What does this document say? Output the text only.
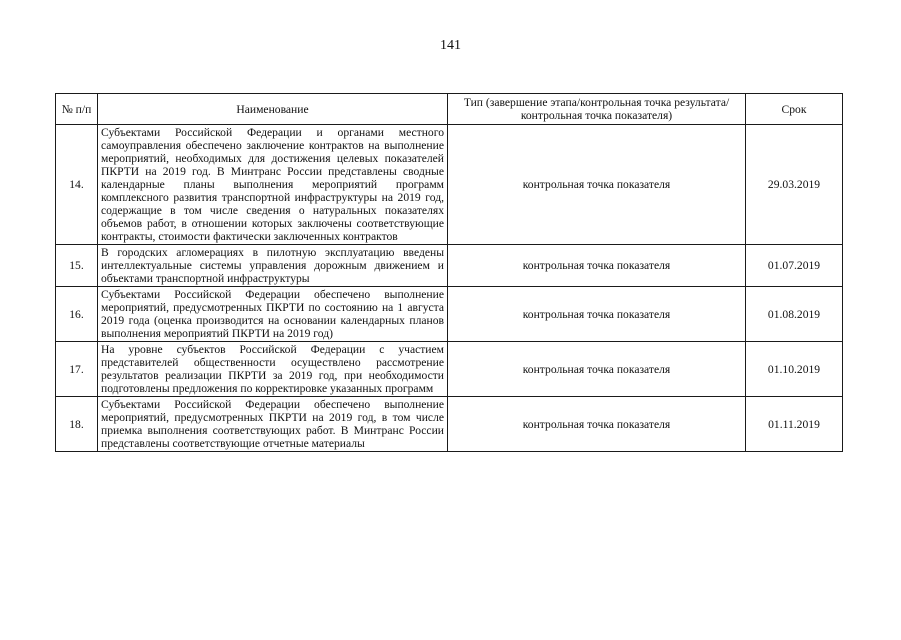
141
№ п/п	Наименование	Тип (завершение этапа/контрольная точка результата/контрольная точка показателя)	Срок
14.	Субъектами Российской Федерации и органами местного самоуправления обеспечено заключение контрактов на выполнение мероприятий, необходимых для достижения целевых показателей ПКРТИ на 2019 год. В Минтранс России представлены сводные календарные планы выполнения мероприятий программ комплексного развития транспортной инфраструктуры на 2019 год, содержащие в том числе сведения о натуральных показателях объемов работ, в отношении которых заключены соответствующие контракты, стоимости фактически заключенных контрактов	контрольная точка показателя	29.03.2019
15.	В городских агломерациях в пилотную эксплуатацию введены интеллектуальные системы управления дорожным движением и объектами транспортной инфраструктуры	контрольная точка показателя	01.07.2019
16.	Субъектами Российской Федерации обеспечено выполнение мероприятий, предусмотренных ПКРТИ по состоянию на 1 августа 2019 года (оценка производится на основании календарных планов выполнения мероприятий ПКРТИ на 2019 год)	контрольная точка показателя	01.08.2019
17.	На уровне субъектов Российской Федерации с участием представителей общественности осуществлено рассмотрение результатов реализации ПКРТИ за 2019 год, при необходимости подготовлены предложения по корректировке указанных программ	контрольная точка показателя	01.10.2019
18.	Субъектами Российской Федерации обеспечено выполнение мероприятий, предусмотренных ПКРТИ на 2019 год, в том числе приемка выполнения соответствующих работ. В Минтранс России представлены соответствующие отчетные материалы	контрольная точка показателя	01.11.2019
